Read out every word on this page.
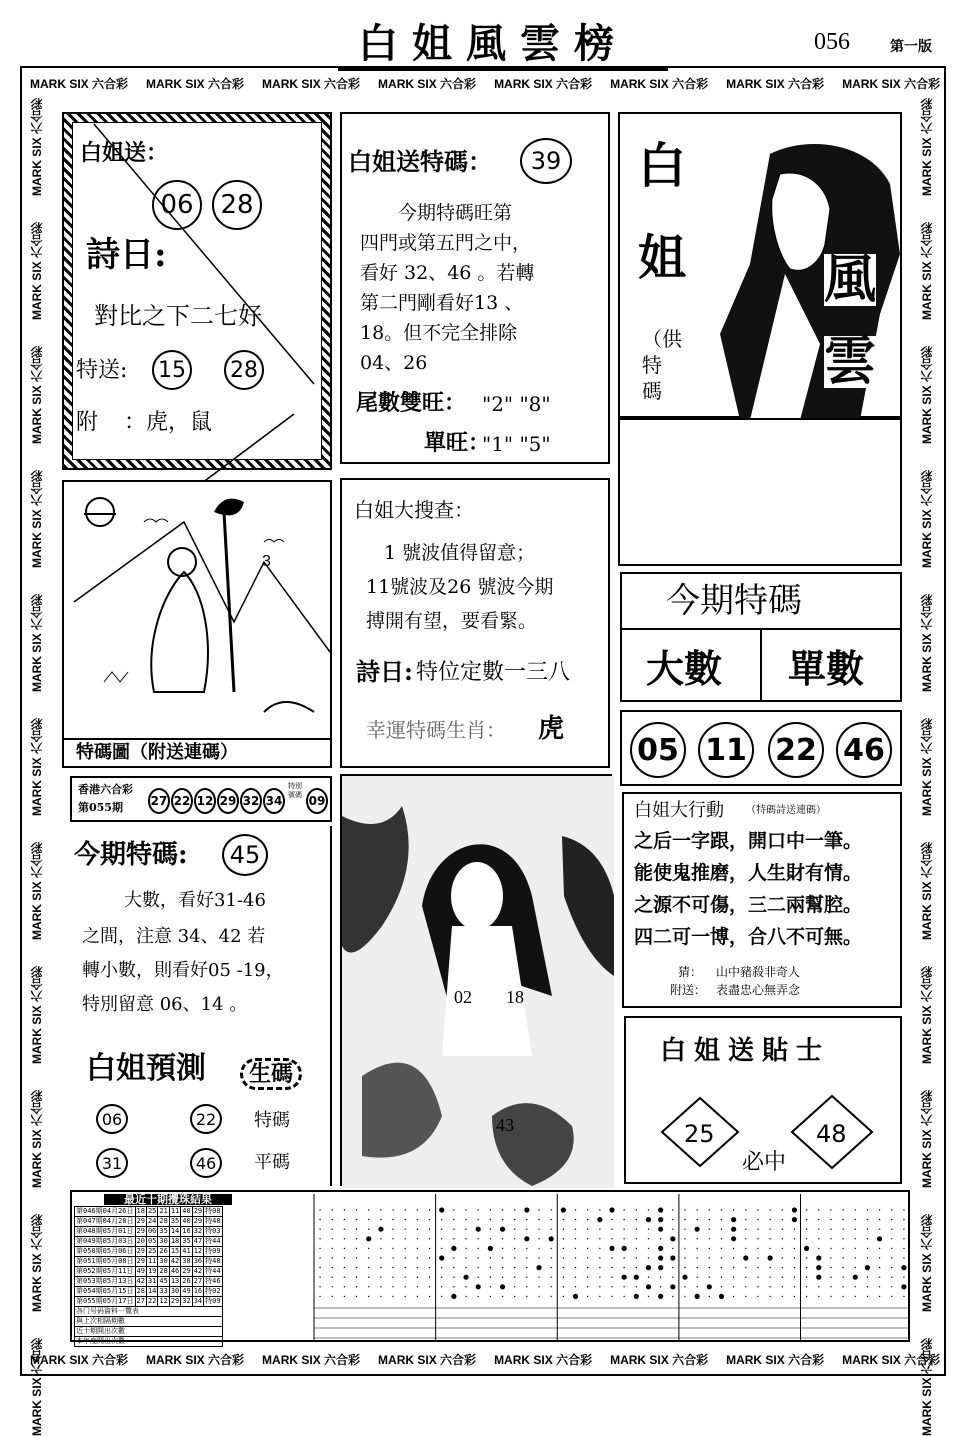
白姐風雲榜	056	第一版
MARK SIX 六合彩 MARK SIX 六合彩 MARK SIX 六合彩 MARK SIX 六合彩 MARK SIX 六合彩 MARK SIX 六合彩 MARK SIX 六合彩 MARK SIX 六合彩
MARK SIX 六合彩 MARK SIX 六合彩 MARK SIX 六合彩 MARK SIX 六合彩 MARK SIX 六合彩 MARK SIX 六合彩 MARK SIX 六合彩 MARK SIX 六合彩
MARK SIX 六合彩
MARK SIX 六合彩
MARK SIX 六合彩
MARK SIX 六合彩
MARK SIX 六合彩
MARK SIX 六合彩
MARK SIX 六合彩
MARK SIX 六合彩
MARK SIX 六合彩
MARK SIX 六合彩
MARK SIX 六合彩
MARK SIX 六合彩
MARK SIX 六合彩
MARK SIX 六合彩
MARK SIX 六合彩
MARK SIX 六合彩
MARK SIX 六合彩
MARK SIX 六合彩
MARK SIX 六合彩
MARK SIX 六合彩
MARK SIX 六合彩
MARK SIX 六合彩
白姐送：
06	28
詩日:
對比之下二七好
特送: 15 28
附 ：虎，鼠
白姐送特碼：	39
今期特碼旺第
四門或第五門之中，
看好 32、46 。若轉
第二門剛看好13 、
18。但不完全排除
04、26
尾數雙旺： "2" "8"
單旺：
"1" "5"
白
姐	風
雲
（供特碼
今期特碼
大數 單數
05 11 22 46
3
特碼圖（附送連碼）
白姐大搜查：
1 號波值得留意；
11號波及26 號波今期
搏開有望，要看緊。
詩日: 特位定數一三八
幸運特碼生肖： 虎
香港六合彩
第055期 27 22 12 29 32 34 09
特別號碼
今期特碼:	45
大數，看好31-46
之間，注意 34、42 若
轉小數，則看好05 -19，
特別留意 06、14 。
白姐預測	生碼
06	22	特碼
31	46	平碼
02 18
43
白姐大行動 （特碼詩送連碼）
之后一字跟，開口中一筆。
能使鬼推磨，人生財有情。
之源不可傷，三二兩幫腔。
四二可一博，合八不可無。
猜： 山中豬殺非奇人
附送： 表盡忠心無弄念
白姐送貼士
25	48
必中
最近十期攪珠結果
第046期04月26日	18	25	21	11	40	29	特08
第047期04月28日	29	24	28	35	40	29	特48
第048期05月01日	29	06	35	14	16	32	特03
第049期05月03日	20	05	30	18	35	47	特44
第050期05月06日	29	25	26	15	41	12	特09
第051期05月08日	29	11	30	42	38	36	特48
第052期05月11日	49	19	28	46	29	42	特44
第053期05月13日	42	31	45	13	26	27	特46
第054期05月15日	28	14	33	30	49	16	特02
第055期05月17日	27	22	12	29	32	34	特09
各门号码資料一覽表							
與上次相隔期數							
近十期開出次數							
本年度開出次數							
